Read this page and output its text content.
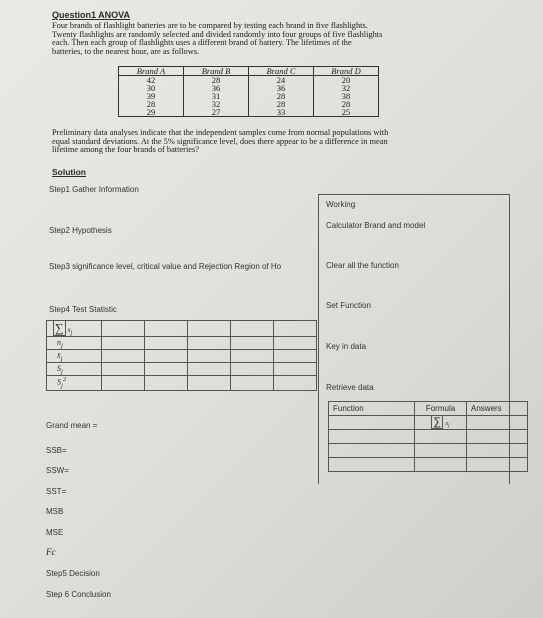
Question1 ANOVA

Four brands of flashlight batteries are to be compared by testing each brand in five flashlights.

Twenty flashlights are randomly selected and divided randomly into four groups of five flashlights

each. Then each group of flashlights uses a different brand of battery. The lifetimes of the

batteries, to the nearest hour, are as follows.

Brand A	Brand B	Brand C	Brand D
42	28	24	20
30	36	36	32
39	31	28	38
28	32	28	28
29	27	33	25
Preliminary data analyses indicate that the independent samples come from normal populations with
equal standard deviations. At the 5% significance level, does there appear to be a difference in mean
lifetime among the four brands of batteries?
Solution
Step1 Gather Information
Step2 Hypothesis
Step3 significance level, critical value and Rejection Region of Ho
Step4 Test Statistic
∑ $x_j$					
$n_j$					
$x̄_j$					
$S_j$					
$S_j^2$					
Grand mean =
SSB=
SSW=
SST=
MSB
MSE
Fc
Step5 Decision
Step 6 Conclusion
Working
Calculator Brand and model
Clear all the function
Set Function
Key in data
Retrieve data
Function	Formula	Answers
	∑ $x_j$	
